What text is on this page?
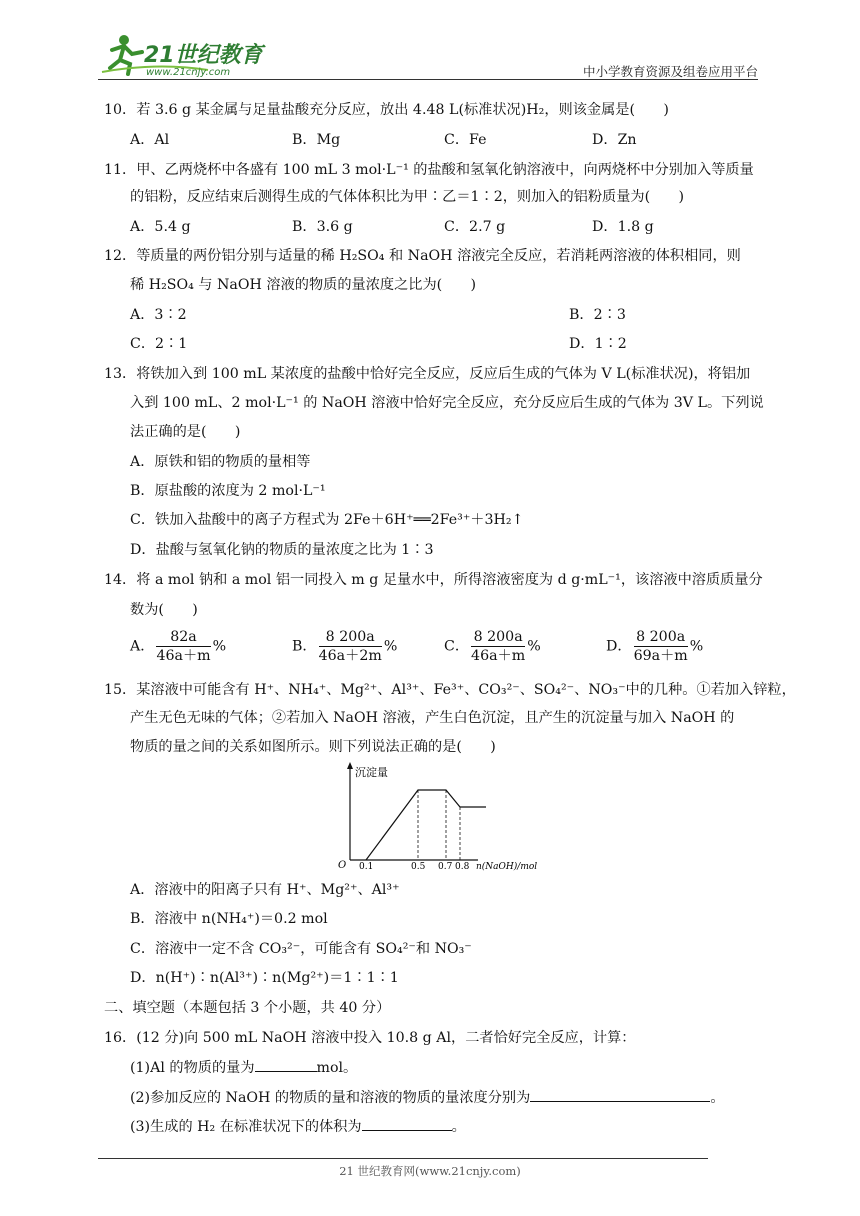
21世纪教育
www.21cnjy.com	中小学教育资源及组卷应用平台
10．若 3.6 g 某金属与足量盐酸充分反应，放出 4.48 L(标准状况)H₂，则该金属是(　　)
A．Al	B．Mg	C．Fe	D．Zn
11．甲、乙两烧杯中各盛有 100 mL 3 mol·L⁻¹ 的盐酸和氢氧化钠溶液中，向两烧杯中分别加入等质量
的铝粉，反应结束后测得生成的气体体积比为甲∶乙＝1∶2，则加入的铝粉质量为(　　)
A．5.4 g	B．3.6 g	C．2.7 g	D．1.8 g
12．等质量的两份铝分别与适量的稀 H₂SO₄ 和 NaOH 溶液完全反应，若消耗两溶液的体积相同，则
稀 H₂SO₄ 与 NaOH 溶液的物质的量浓度之比为(　　)
A．3∶2	B．2∶3
C．2∶1	D．1∶2
13．将铁加入到 100 mL 某浓度的盐酸中恰好完全反应，反应后生成的气体为 V L(标准状况)，将铝加
入到 100 mL、2 mol·L⁻¹ 的 NaOH 溶液中恰好完全反应，充分反应后生成的气体为 3V L。下列说
法正确的是(　　)
A．原铁和铝的物质的量相等
B．原盐酸的浓度为 2 mol·L⁻¹
C．铁加入盐酸中的离子方程式为 2Fe＋6H⁺══2Fe³⁺＋3H₂↑
D．盐酸与氢氧化钠的物质的量浓度之比为 1∶3
14．将 a mol 钠和 a mol 铝一同投入 m g 足量水中，所得溶液密度为 d g·mL⁻¹，该溶液中溶质质量分
数为(　　)
A． $\frac{82a}{46a+m}$ %	B． $\frac{8 200a}{46a+2m}$ %	C． $\frac{8 200a}{46a+m}$ %	D． $\frac{8 200a}{69a+m}$ %
15．某溶液中可能含有 H⁺、NH₄⁺、Mg²⁺、Al³⁺、Fe³⁺、CO₃²⁻、SO₄²⁻、NO₃⁻中的几种。①若加入锌粒，
产生无色无味的气体；②若加入 NaOH 溶液，产生白色沉淀，且产生的沉淀量与加入 NaOH 的
物质的量之间的关系如图所示。则下列说法正确的是(　　)
沉淀量
O 0.1	0.5 0.7 0.8 n(NaOH)/mol
A．溶液中的阳离子只有 H⁺、Mg²⁺、Al³⁺
B．溶液中 n(NH₄⁺)＝0.2 mol
C．溶液中一定不含 CO₃²⁻，可能含有 SO₄²⁻和 NO₃⁻
D．n(H⁺)∶n(Al³⁺)∶n(Mg²⁺)＝1∶1∶1
二、填空题（本题包括 3 个小题，共 40 分）
16．(12 分)向 500 mL NaOH 溶液中投入 10.8 g Al，二者恰好完全反应，计算：
(1)Al 的物质的量为	mol。
(2)参加反应的 NaOH 的物质的量和溶液的物质的量浓度分别为	。
(3)生成的 H₂ 在标准状况下的体积为	。
21 世纪教育网(www.21cnjy.com)
